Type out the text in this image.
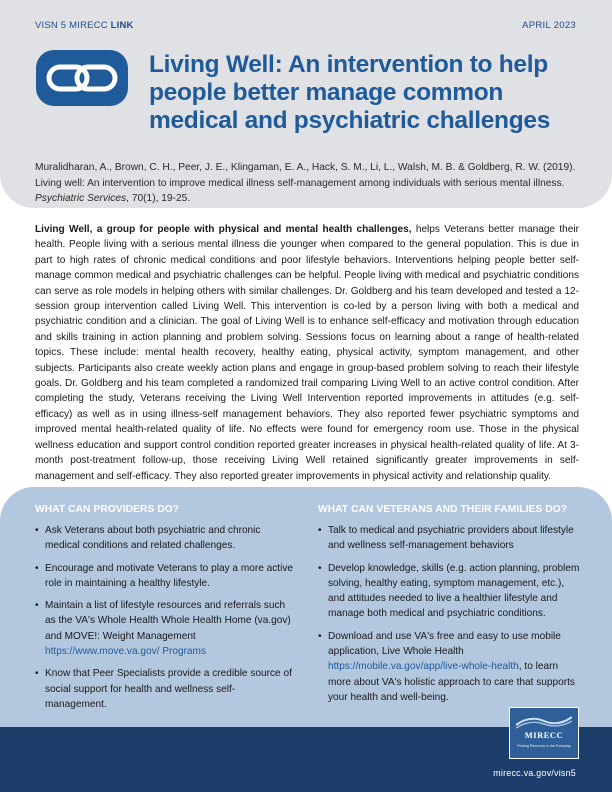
VISN 5 MIRECC LINK	APRIL 2023
Living Well: An intervention to help people better manage common medical and psychiatric challenges
Muralidharan, A., Brown, C. H., Peer, J. E., Klingaman, E. A., Hack, S. M., Li, L., Walsh, M. B. & Goldberg, R. W. (2019). Living well: An intervention to improve medical illness self-management among individuals with serious mental illness. Psychiatric Services, 70(1), 19-25.
Living Well, a group for people with physical and mental health challenges, helps Veterans better manage their health. People living with a serious mental illness die younger when compared to the general population. This is due in part to high rates of chronic medical conditions and poor lifestyle behaviors. Interventions helping people better self-manage common medical and psychiatric challenges can be helpful. People living with medical and psychiatric conditions can serve as role models in helping others with similar challenges. Dr. Goldberg and his team developed and tested a 12-session group intervention called Living Well. This intervention is co-led by a person living with both a medical and psychiatric condition and a clinician. The goal of Living Well is to enhance self-efficacy and motivation through education and skills training in action planning and problem solving. Sessions focus on learning about a range of health-related topics. These include: mental health recovery, healthy eating, physical activity, symptom management, and other subjects. Participants also create weekly action plans and engage in group-based problem solving to reach their lifestyle goals. Dr. Goldberg and his team completed a randomized trail comparing Living Well to an active control condition. After completing the study, Veterans receiving the Living Well Intervention reported improvements in attitudes (e.g. self-efficacy) as well as in using illness-self management behaviors. They also reported fewer psychiatric symptoms and improved mental health-related quality of life. No effects were found for emergency room use. Those in the physical wellness education and support control condition reported greater increases in physical health-related quality of life. At 3-month post-treatment follow-up, those receiving Living Well retained significantly greater improvements in self-management and self-efficacy. They also reported greater improvements in physical activity and relationship quality.
WHAT CAN PROVIDERS DO?
• Ask Veterans about both psychiatric and chronic medical conditions and related challenges.
• Encourage and motivate Veterans to play a more active role in maintaining a healthy lifestyle.
• Maintain a list of lifestyle resources and referrals such as the VA's Whole Health Whole Health Home (va.gov) and MOVE!: Weight Management https://www.move.va.gov/ Programs
• Know that Peer Specialists provide a credible source of social support for health and wellness self-management.
WHAT CAN VETERANS AND THEIR FAMILIES DO?
• Talk to medical and psychiatric providers about lifestyle and wellness self-management behaviors
• Develop knowledge, skills (e.g. action planning, problem solving, healthy eating, symptom management, etc.), and attitudes needed to live a healthier lifestyle and manage both medical and psychiatric conditions.
• Download and use VA's free and easy to use mobile application, Live Whole Health https://mobile.va.gov/app/live-whole-health, to learn more about VA's holistic approach to care that supports your health and well-being.
MIRECC
Finding Recovery in the Everyday
mirecc.va.gov/visn5
